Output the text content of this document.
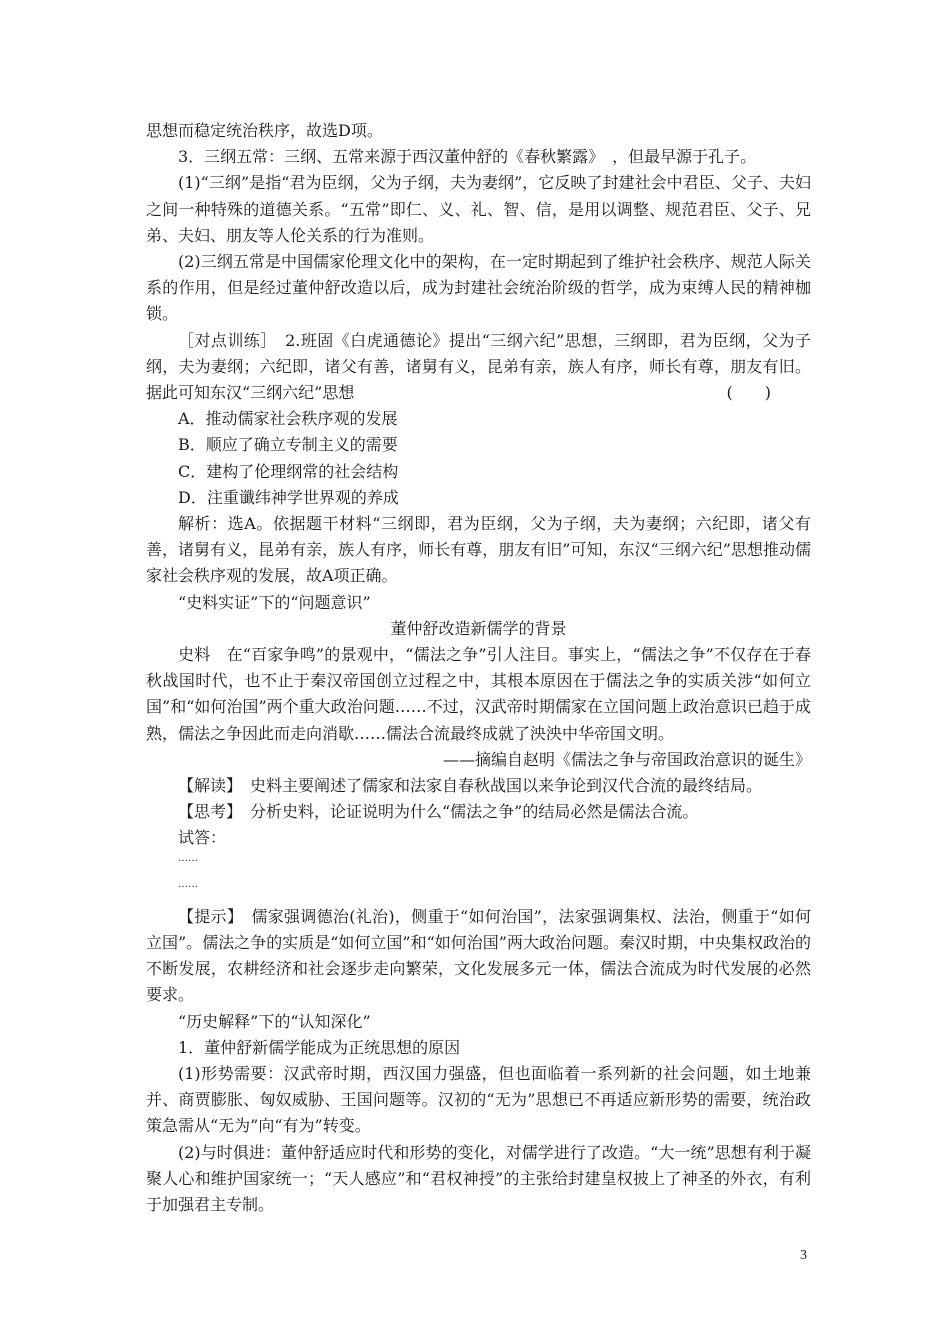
思想而稳定统治秩序，故选D项。

3．三纲五常：三纲、五常来源于西汉董仲舒的《春秋繁露》　，但最早源于孔子。

(1)“三纲”是指“君为臣纲，父为子纲，夫为妻纲”，它反映了封建社会中君臣、父子、夫妇之间一种特殊的道德关系。“五常”即仁、义、礼、智、信，是用以调整、规范君臣、父子、兄弟、夫妇、朋友等人伦关系的行为准则。

(2)三纲五常是中国儒家伦理文化中的架构，在一定时期起到了维护社会秩序、规范人际关系的作用，但是经过董仲舒改造以后，成为封建社会统治阶级的哲学，成为束缚人民的精神枷锁。

［对点训练］　2.班固《白虎通德论》提出“三纲六纪”思想，三纲即，君为臣纲，父为子纲，夫为妻纲；六纪即，诸父有善，诸舅有义，昆弟有亲，族人有序，师长有尊，朋友有旧。据此可知东汉“三纲六纪”思想	(　　)

A．推动儒家社会秩序观的发展

B．顺应了确立专制主义的需要

C．建构了伦理纲常的社会结构

D．注重谶纬神学世界观的养成

解析：选A。依据题干材料“三纲即，君为臣纲，父为子纲，夫为妻纲；六纪即，诸父有善，诸舅有义，昆弟有亲，族人有序，师长有尊，朋友有旧”可知，东汉“三纲六纪”思想推动儒家社会秩序观的发展，故A项正确。

“史料实证”下的“问题意识”

董仲舒改造新儒学的背景

史料　在“百家争鸣”的景观中，“儒法之争”引人注目。事实上，“儒法之争”不仅存在于春秋战国时代，也不止于秦汉帝国创立过程之中，其根本原因在于儒法之争的实质关涉“如何立国”和“如何治国”两个重大政治问题……不过，汉武帝时期儒家在立国问题上政治意识已趋于成熟，儒法之争因此而走向消歇……儒法合流最终成就了泱泱中华帝国文明。

——摘编自赵明《儒法之争与帝国政治意识的诞生》

【解读】　史料主要阐述了儒家和法家自春秋战国以来争论到汉代合流的最终结局。

【思考】　分析史料，论证说明为什么“儒法之争”的结局必然是儒法合流。

试答：

……

……

【提示】　儒家强调德治(礼治)，侧重于“如何治国”，法家强调集权、法治，侧重于“如何立国”。儒法之争的实质是“如何立国”和“如何治国”两大政治问题。秦汉时期，中央集权政治的不断发展，农耕经济和社会逐步走向繁荣，文化发展多元一体，儒法合流成为时代发展的必然要求。

“历史解释”下的“认知深化”

1．董仲舒新儒学能成为正统思想的原因

(1)形势需要：汉武帝时期，西汉国力强盛，但也面临着一系列新的社会问题，如土地兼并、商贾膨胀、匈奴威胁、王国问题等。汉初的“无为”思想已不再适应新形势的需要，统治政策急需从“无为”向“有为”转变。

(2)与时俱进：董仲舒适应时代和形势的变化，对儒学进行了改造。“大一统”思想有利于凝聚人心和维护国家统一；“天人感应”和“君权神授”的主张给封建皇权披上了神圣的外衣，有利于加强君主专制。

3
